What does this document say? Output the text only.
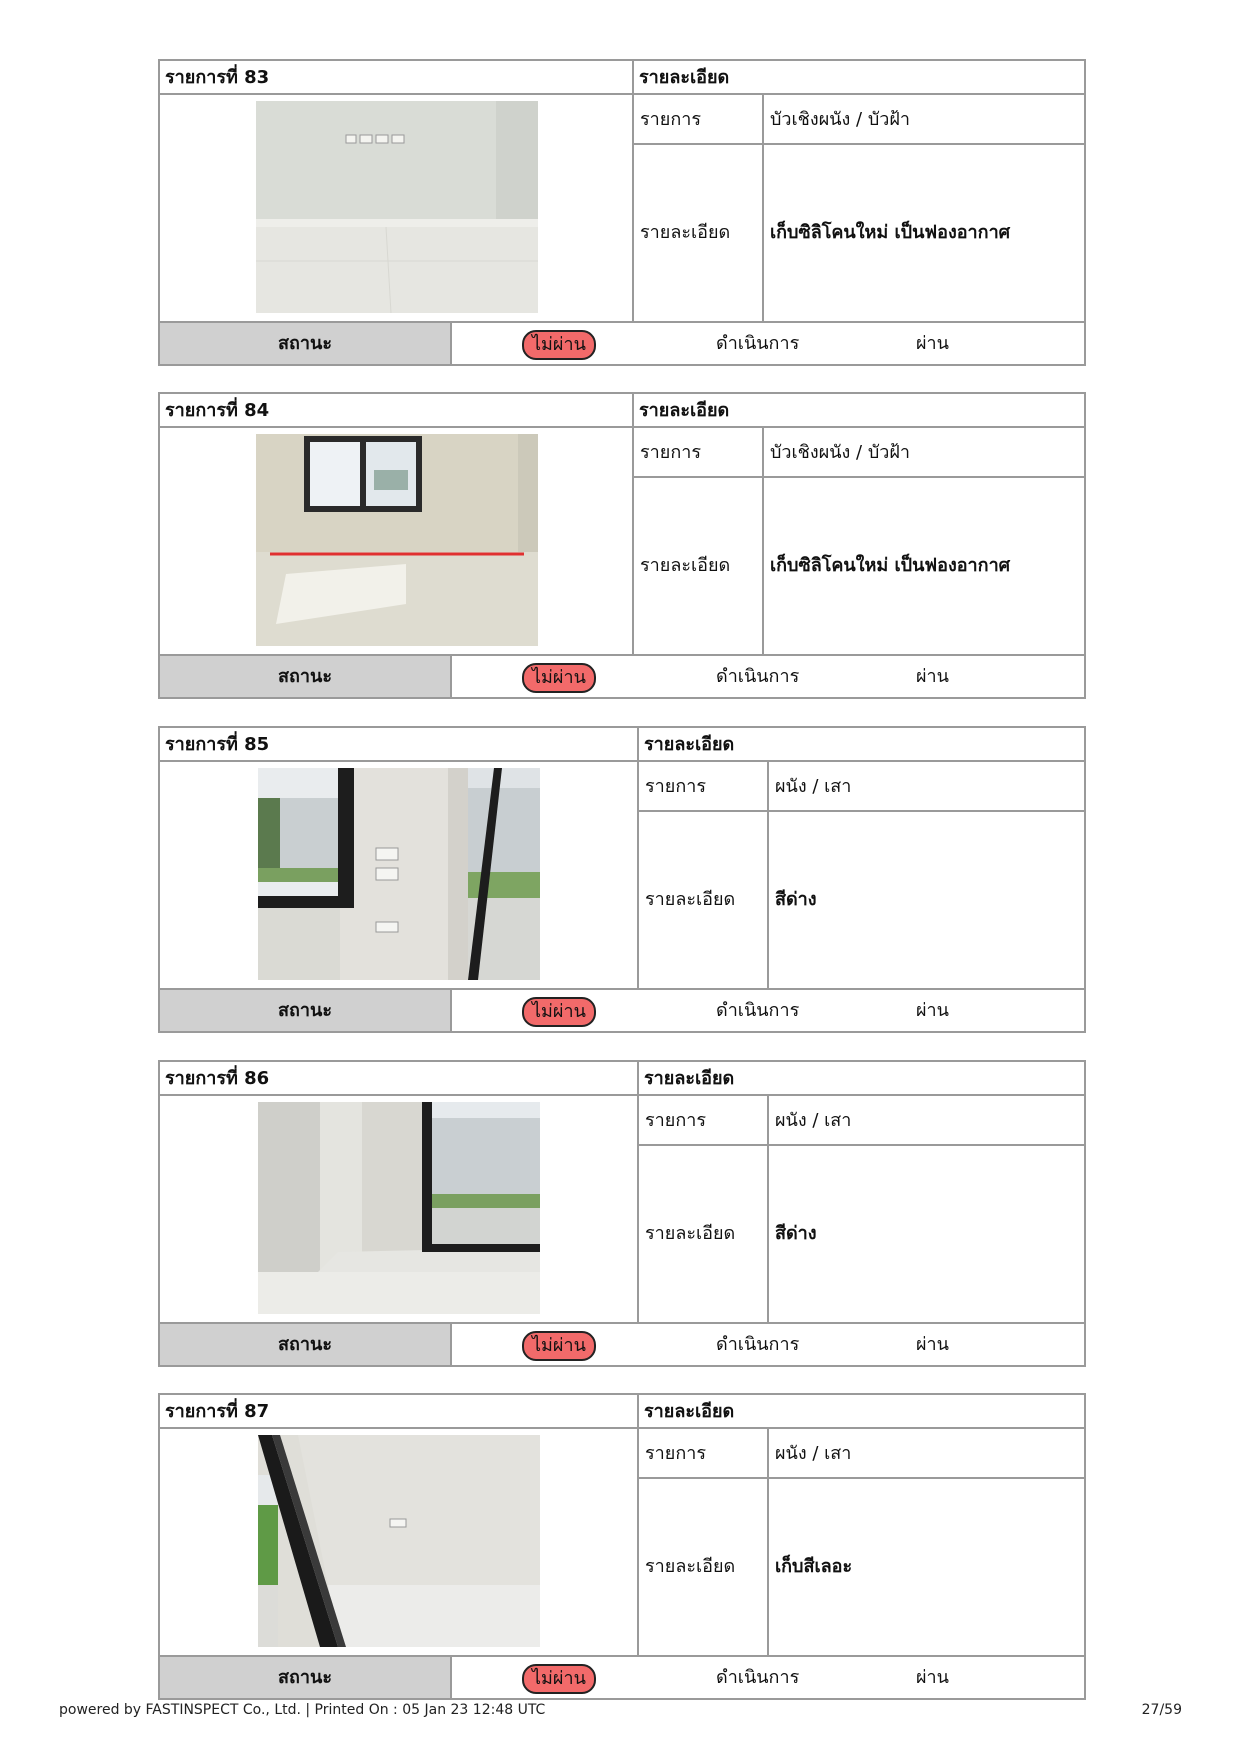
รายการที่ 83	รายละเอียด
รายการ	บัวเชิงผนัง / บัวฝ้า
รายละเอียด	เก็บซิลิโคนใหม่ เป็นฟองอากาศ
สถานะ	ไม่ผ่าน	ดำเนินการ	ผ่าน
รายการที่ 84	รายละเอียด
รายการ	บัวเชิงผนัง / บัวฝ้า
รายละเอียด	เก็บซิลิโคนใหม่ เป็นฟองอากาศ
สถานะ	ไม่ผ่าน	ดำเนินการ	ผ่าน
รายการที่ 85	รายละเอียด
รายการ	ผนัง / เสา
รายละเอียด	สีด่าง
สถานะ	ไม่ผ่าน	ดำเนินการ	ผ่าน
รายการที่ 86	รายละเอียด
รายการ	ผนัง / เสา
รายละเอียด	สีด่าง
สถานะ	ไม่ผ่าน	ดำเนินการ	ผ่าน
รายการที่ 87	รายละเอียด
รายการ	ผนัง / เสา
รายละเอียด	เก็บสีเลอะ
สถานะ	ไม่ผ่าน	ดำเนินการ	ผ่าน
powered by FASTINSPECT Co., Ltd. | Printed On : 05 Jan 23 12:48 UTC	27/59
